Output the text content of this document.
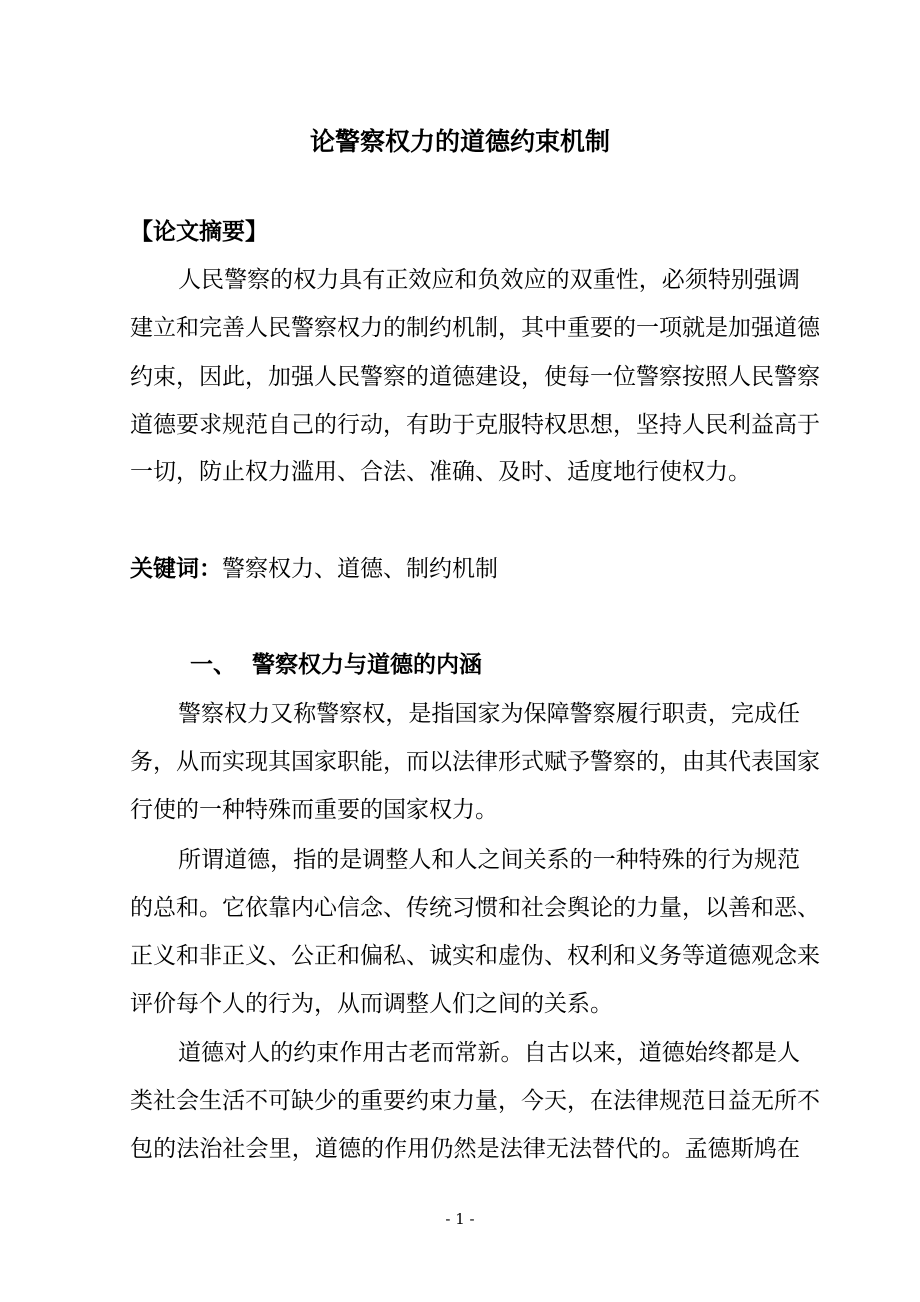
论警察权力的道德约束机制
【论文摘要】
人民警察的权力具有正效应和负效应的双重性，必须特别强调
建立和完善人民警察权力的制约机制，其中重要的一项就是加强道德
约束，因此，加强人民警察的道德建设，使每一位警察按照人民警察
道德要求规范自己的行动，有助于克服特权思想，坚持人民利益高于
一切，防止权力滥用、合法、准确、及时、适度地行使权力。
关键词：警察权力、道德、制约机制
一、 警察权力与道德的内涵
警察权力又称警察权，是指国家为保障警察履行职责，完成任
务，从而实现其国家职能，而以法律形式赋予警察的，由其代表国家
行使的一种特殊而重要的国家权力。
所谓道德，指的是调整人和人之间关系的一种特殊的行为规范
的总和。它依靠内心信念、传统习惯和社会舆论的力量，以善和恶、
正义和非正义、公正和偏私、诚实和虚伪、权利和义务等道德观念来
评价每个人的行为，从而调整人们之间的关系。
道德对人的约束作用古老而常新。自古以来，道德始终都是人
类社会生活不可缺少的重要约束力量，今天，在法律规范日益无所不
包的法治社会里，道德的作用仍然是法律无法替代的。孟德斯鸠在
- 1 -
